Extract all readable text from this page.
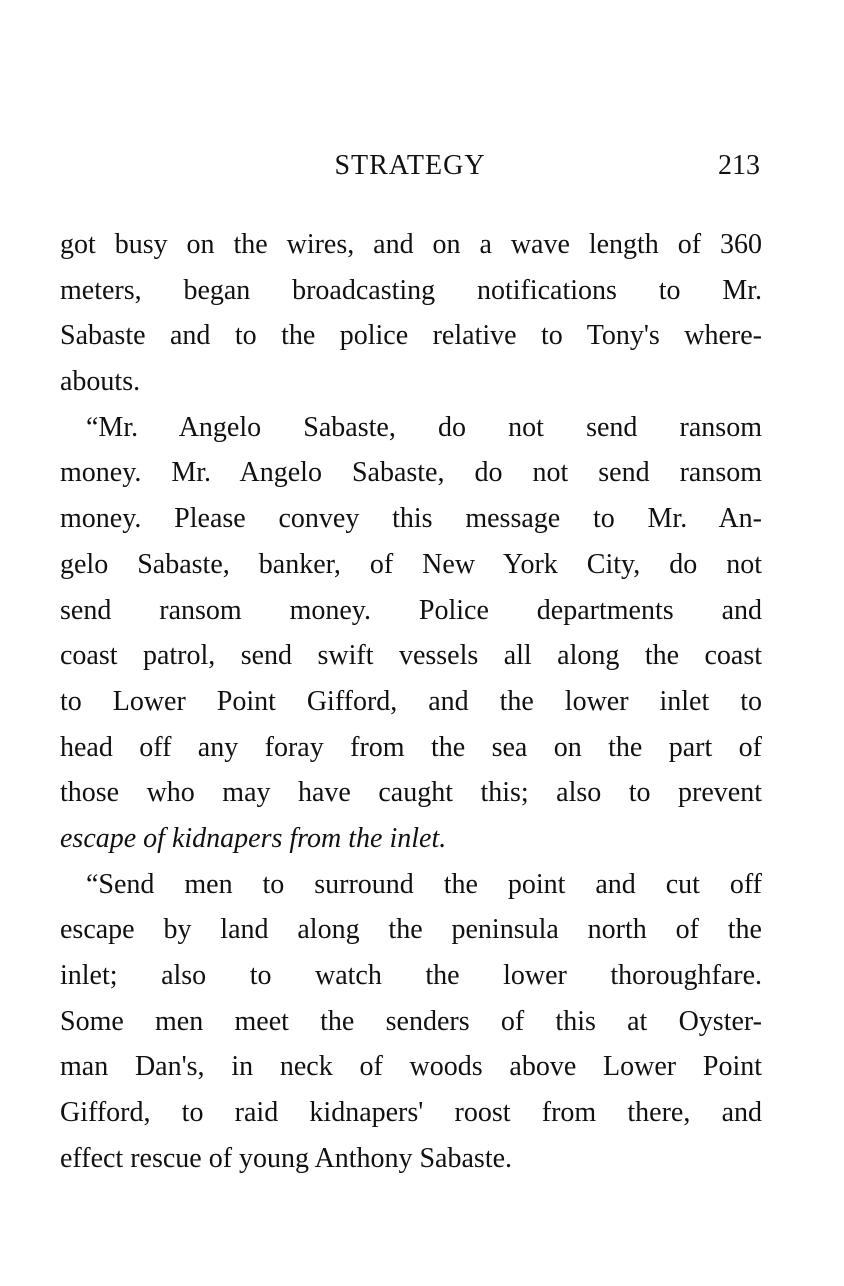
STRATEGY	213
got busy on the wires, and on a wave length of 360
meters, began broadcasting notifications to Mr.
Sabaste and to the police relative to Tony's where-
abouts.
“Mr. Angelo Sabaste, do not send ransom
money. Mr. Angelo Sabaste, do not send ransom
money. Please convey this message to Mr. An-
gelo Sabaste, banker, of New York City, do not
send ransom money. Police departments and
coast patrol, send swift vessels all along the coast
to Lower Point Gifford, and the lower inlet to
head off any foray from the sea on the part of
those who may have caught this; also to prevent
escape of kidnapers from the inlet.
“Send men to surround the point and cut off
escape by land along the peninsula north of the
inlet; also to watch the lower thoroughfare.
Some men meet the senders of this at Oyster-
man Dan's, in neck of woods above Lower Point
Gifford, to raid kidnapers' roost from there, and
effect rescue of young Anthony Sabaste.
